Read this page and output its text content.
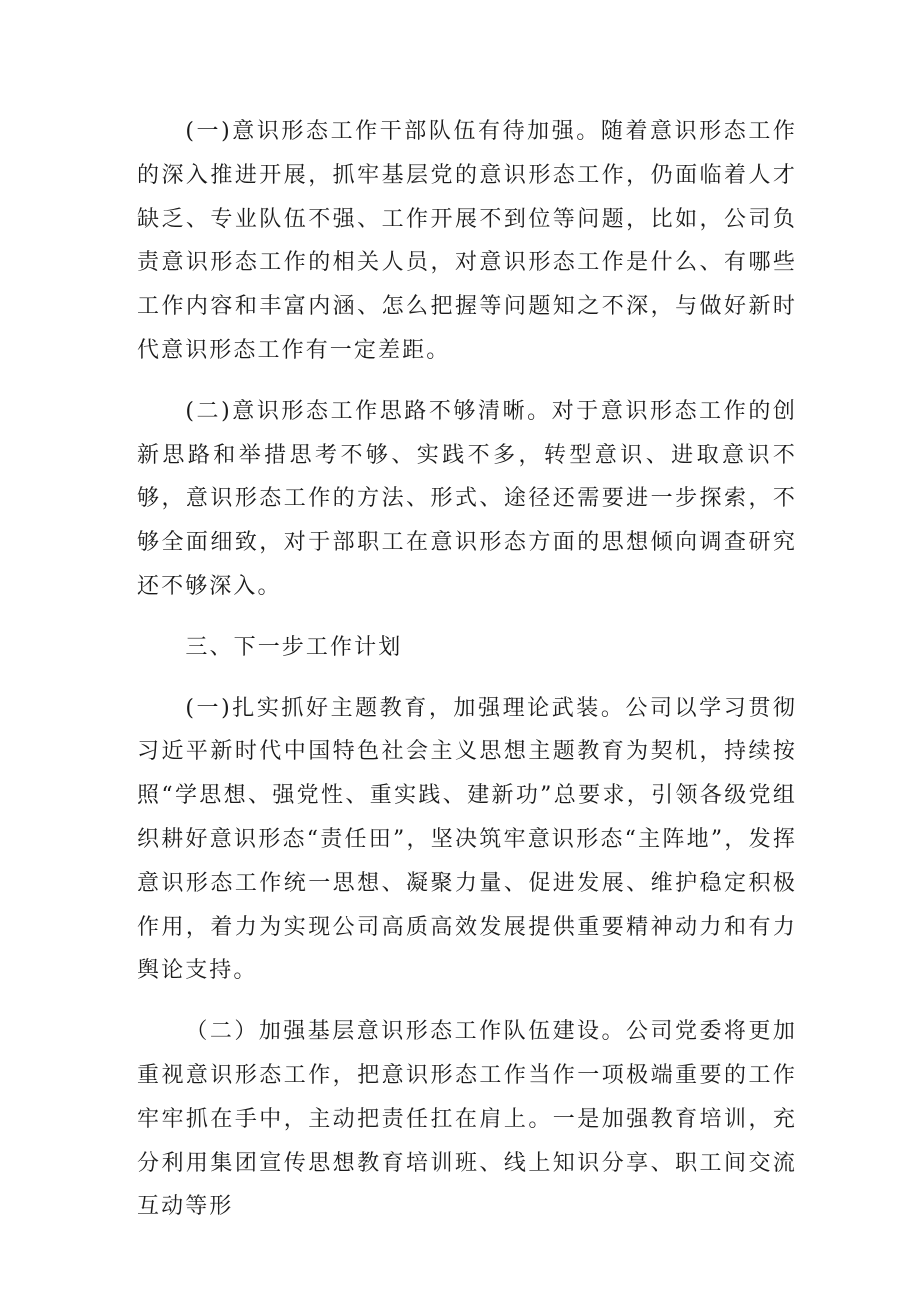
(一)意识形态工作干部队伍有待加强。随着意识形态工作的深入推进开展，抓牢基层党的意识形态工作，仍面临着人才缺乏、专业队伍不强、工作开展不到位等问题，比如，公司负责意识形态工作的相关人员，对意识形态工作是什么、有哪些工作内容和丰富内涵、怎么把握等问题知之不深，与做好新时代意识形态工作有一定差距。

(二)意识形态工作思路不够清晰。对于意识形态工作的创新思路和举措思考不够、实践不多，转型意识、进取意识不够，意识形态工作的方法、形式、途径还需要进一步探索，不够全面细致，对于部职工在意识形态方面的思想倾向调查研究还不够深入。

三、下一步工作计划

(一)扎实抓好主题教育，加强理论武装。公司以学习贯彻习近平新时代中国特色社会主义思想主题教育为契机，持续按照“学思想、强党性、重实践、建新功”总要求，引领各级党组织耕好意识形态“责任田”，坚决筑牢意识形态“主阵地”，发挥意识形态工作统一思想、凝聚力量、促进发展、维护稳定积极作用，着力为实现公司高质高效发展提供重要精神动力和有力舆论支持。

（二）加强基层意识形态工作队伍建设。公司党委将更加重视意识形态工作，把意识形态工作当作一项极端重要的工作牢牢抓在手中，主动把责任扛在肩上。一是加强教育培训，充分利用集团宣传思想教育培训班、线上知识分享、职工间交流互动等形
